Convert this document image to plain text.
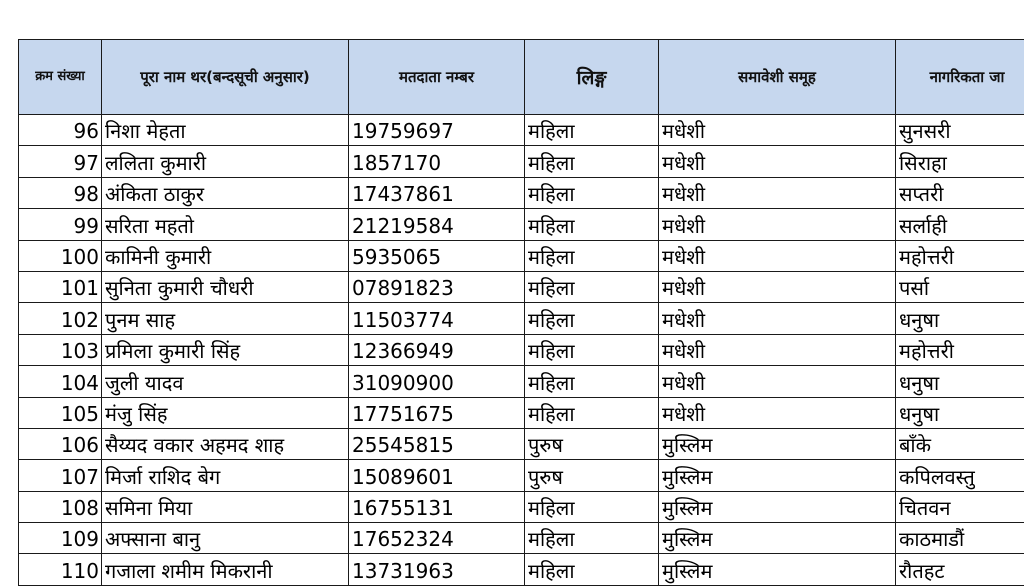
क्रम संख्या	पूरा नाम थर(बन्दसूची अनुसार)	मतदाता नम्बर	लिङ्ग	समावेशी समूह	नागरिकता जा
96	निशा मेहता	19759697	महिला	मधेशी	सुनसरी
97	ललिता कुमारी	1857170	महिला	मधेशी	सिराहा
98	अंकिता ठाकुर	17437861	महिला	मधेशी	सप्तरी
99	सरिता महतो	21219584	महिला	मधेशी	सर्लाही
100	कामिनी कुमारी	5935065	महिला	मधेशी	महोत्तरी
101	सुनिता कुमारी चौधरी	07891823	महिला	मधेशी	पर्सा
102	पुनम साह	11503774	महिला	मधेशी	धनुषा
103	प्रमिला कुमारी सिंह	12366949	महिला	मधेशी	महोत्तरी
104	जुली यादव	31090900	महिला	मधेशी	धनुषा
105	मंजु सिंह	17751675	महिला	मधेशी	धनुषा
106	सैय्यद वकार अहमद शाह	25545815	पुरुष	मुस्लिम	बाँके
107	मिर्जा राशिद बेग	15089601	पुरुष	मुस्लिम	कपिलवस्तु
108	समिना मिया	16755131	महिला	मुस्लिम	चितवन
109	अफ्साना बानु	17652324	महिला	मुस्लिम	काठमाडौं
110	गजाला शमीम मिकरानी	13731963	महिला	मुस्लिम	रौतहट
